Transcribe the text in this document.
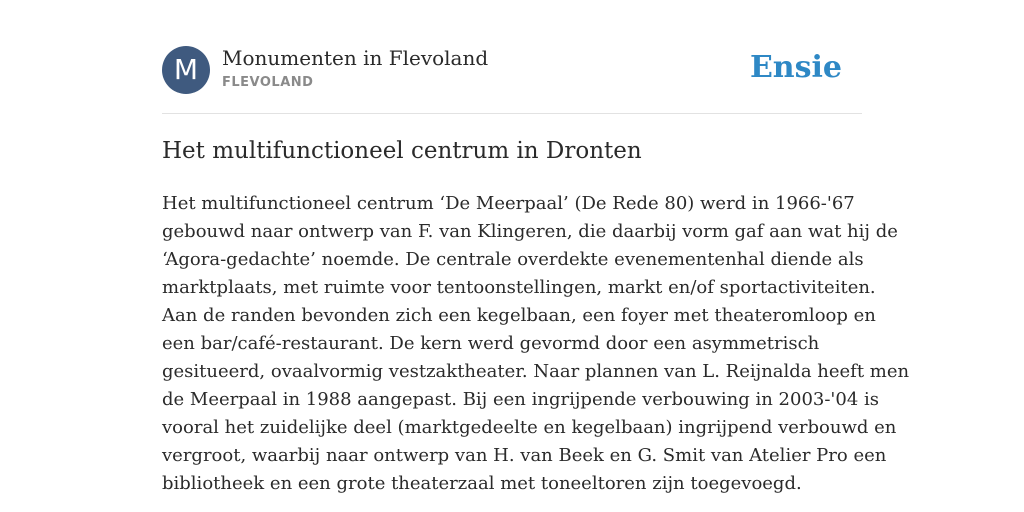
M	Monumenten in Flevoland
FLEVOLAND	Ensie
Het multifunctioneel centrum in Dronten
Het multifunctioneel centrum ‘De Meerpaal’ (De Rede 80) werd in 1966-'67
gebouwd naar ontwerp van F. van Klingeren, die daarbij vorm gaf aan wat hij de
‘Agora-gedachte’ noemde. De centrale overdekte evenementenhal diende als
marktplaats, met ruimte voor tentoonstellingen, markt en/of sportactiviteiten.
Aan de randen bevonden zich een kegelbaan, een foyer met theateromloop en
een bar/café-restaurant. De kern werd gevormd door een asymmetrisch
gesitueerd, ovaalvormig vestzaktheater. Naar plannen van L. Reijnalda heeft men
de Meerpaal in 1988 aangepast. Bij een ingrijpende verbouwing in 2003-'04 is
vooral het zuidelijke deel (marktgedeelte en kegelbaan) ingrijpend verbouwd en
vergroot, waarbij naar ontwerp van H. van Beek en G. Smit van Atelier Pro een
bibliotheek en een grote theaterzaal met toneeltoren zijn toegevoegd.
